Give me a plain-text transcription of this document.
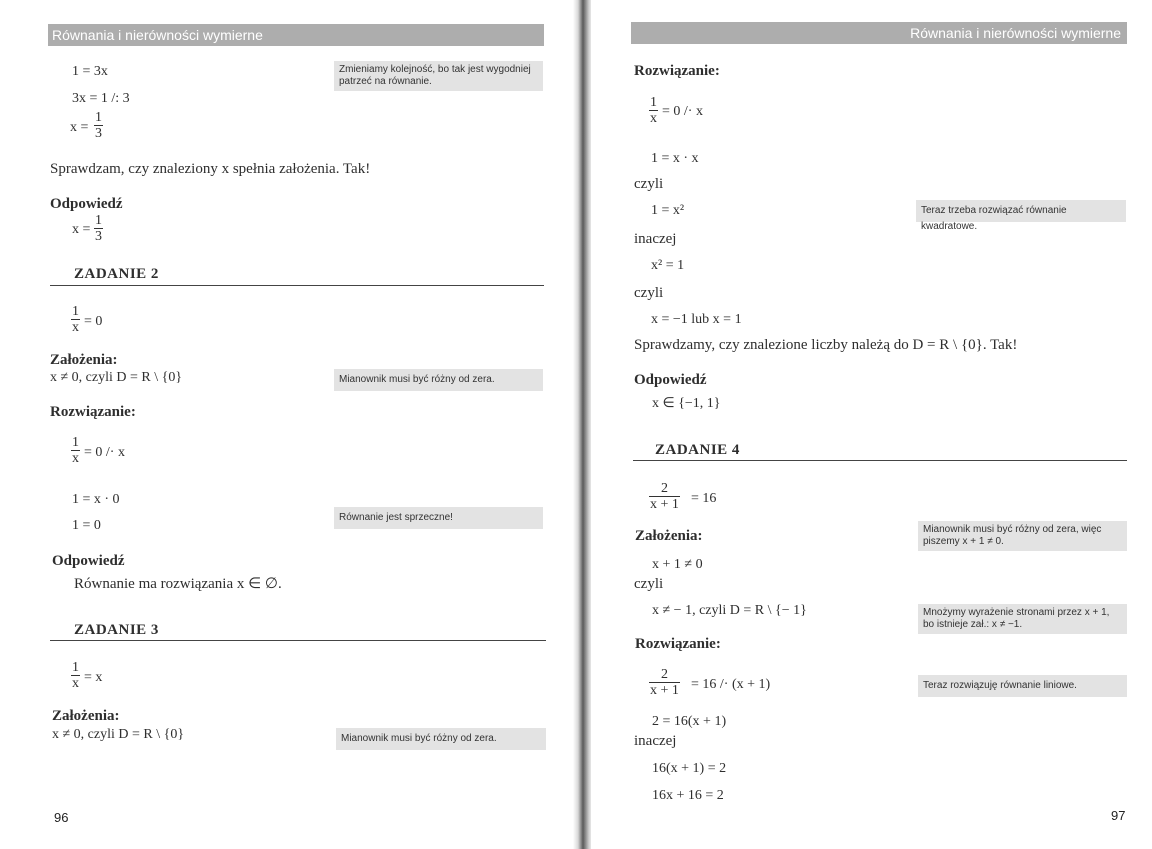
Równania i nierówności wymierne
1 = 3x	Zmieniamy kolejność, bo tak jest wygodniej patrzeć na równanie.
3x = 1 /: 3
$x = \frac{1}{3}$
Sprawdzam, czy znaleziony x spełnia założenia. Tak!
Odpowiedź
$x = \frac{1}{3}$
ZADANIE 2
$\frac{1}{x} = 0$
Założenia:
x ≠ 0, czyli D = R \ {0}	Mianownik musi być różny od zera.
Rozwiązanie:
$\frac{1}{x} = 0 /\cdot x$
1 = x · 0
1 = 0
Równanie jest sprzeczne!
Odpowiedź
Równanie ma rozwiązania x ∈ ∅.
ZADANIE 3
$\frac{1}{x} = x$
Założenia:
x ≠ 0, czyli D = R \ {0}	Mianownik musi być różny od zera.
96
Równania i nierówności wymierne
Rozwiązanie:
$\frac{1}{x} = 0 /\cdot x$
1 = x · x
czyli
1 = x²	Teraz trzeba rozwiązać równanie kwadratowe.
inaczej
x² = 1
czyli
x = −1 lub x = 1
Sprawdzamy, czy znalezione liczby należą do D = R \ {0}. Tak!
Odpowiedź
x ∈ {−1, 1}
ZADANIE 4
$\frac{2}{x + 1} = 16$
Założenia:	Mianownik musi być różny od zera, więc piszemy x + 1 ≠ 0.
x + 1 ≠ 0
czyli
x ≠ − 1, czyli D = R \ {− 1}	Mnożymy wyrażenie stronami przez x + 1, bo istnieje zał.: x ≠ −1.
Rozwiązanie:
$\frac{2}{x + 1} = 16 /\cdot (x + 1)$	Teraz rozwiązuję równanie liniowe.
2 = 16(x + 1)
inaczej
16(x + 1) = 2
16x + 16 = 2
97
